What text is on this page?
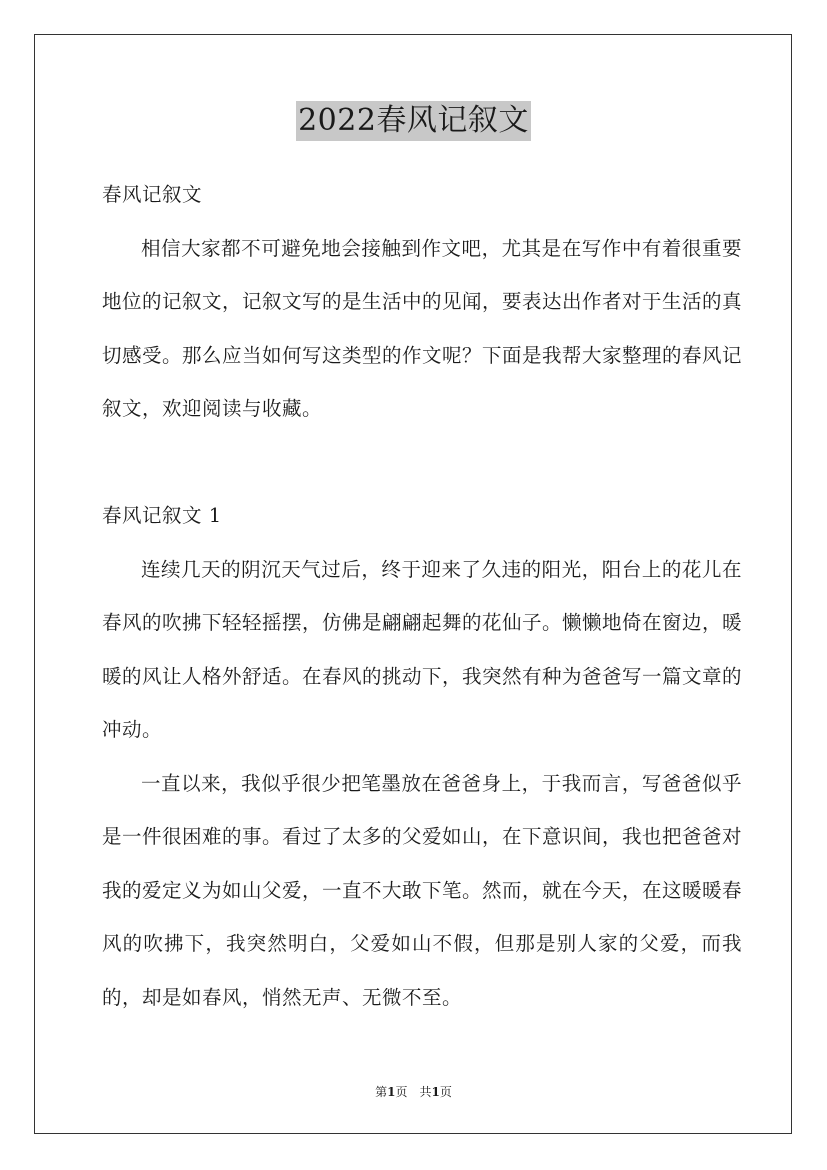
2022春风记叙文

春风记叙文

相信大家都不可避免地会接触到作文吧，尤其是在写作中有着很重要地位的记叙文，记叙文写的是生活中的见闻，要表达出作者对于生活的真切感受。那么应当如何写这类型的作文呢？下面是我帮大家整理的春风记叙文，欢迎阅读与收藏。

春风记叙文 1

连续几天的阴沉天气过后，终于迎来了久违的阳光，阳台上的花儿在春风的吹拂下轻轻摇摆，仿佛是翩翩起舞的花仙子。懒懒地倚在窗边，暖暖的风让人格外舒适。在春风的挑动下，我突然有种为爸爸写一篇文章的冲动。

一直以来，我似乎很少把笔墨放在爸爸身上，于我而言，写爸爸似乎是一件很困难的事。看过了太多的父爱如山，在下意识间，我也把爸爸对我的爱定义为如山父爱，一直不大敢下笔。然而，就在今天，在这暖暖春风的吹拂下，我突然明白，父爱如山不假，但那是别人家的父爱，而我的，却是如春风，悄然无声、无微不至。

第1页　共1页
